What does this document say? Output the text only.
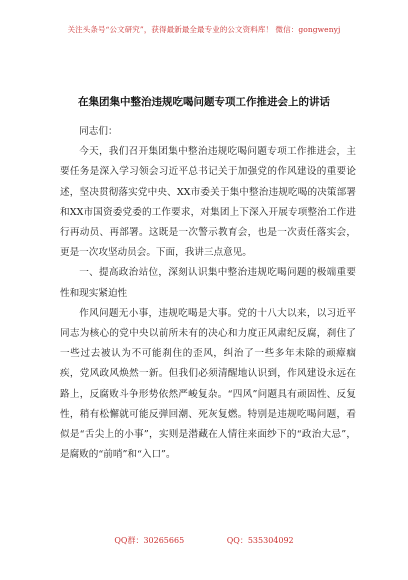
关注头条号“公文研究”，获得最新最全最专业的公文资料库！ 微信：gongwenyj
在集团集中整治违规吃喝问题专项工作推进会上的讲话

同志们：

今天，我们召开集团集中整治违规吃喝问题专项工作推进会，主要任务是深入学习领会习近平总书记关于加强党的作风建设的重要论述，坚决贯彻落实党中央、XX市委关于集中整治违规吃喝的决策部署和XX市国资委党委的工作要求，对集团上下深入开展专项整治工作进行再动员、再部署。这既是一次警示教育会，也是一次责任落实会，更是一次攻坚动员会。下面，我讲三点意见。

一、提高政治站位，深刻认识集中整治违规吃喝问题的极端重要性和现实紧迫性

作风问题无小事，违规吃喝是大事。党的十八大以来，以习近平同志为核心的党中央以前所未有的决心和力度正风肃纪反腐，刹住了一些过去被认为不可能刹住的歪风，纠治了一些多年未除的顽瘴痼疾，党风政风焕然一新。但我们必须清醒地认识到，作风建设永远在路上，反腐败斗争形势依然严峻复杂。“四风”问题具有顽固性、反复性，稍有松懈就可能反弹回潮、死灰复燃。特别是违规吃喝问题，看似是“舌尖上的小事”，实则是潜藏在人情往来面纱下的“政治大忌”，是腐败的“前哨”和“入口”。

QQ群：30265665	QQ：535304092
